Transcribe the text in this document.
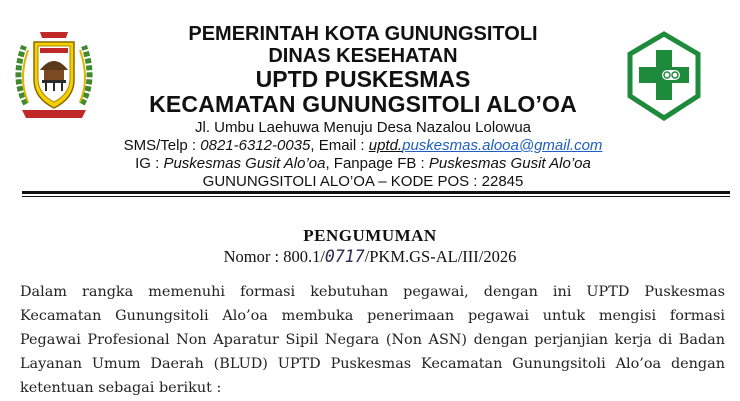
PEMERINTAH KOTA GUNUNGSITOLI
DINAS KESEHATAN
UPTD PUSKESMAS
KECAMATAN GUNUNGSITOLI ALO’OA
Jl. Umbu Laehuwa Menuju Desa Nazalou Lolowua
SMS/Telp : 0821-6312-0035, Email : uptd.puskesmas.alooa@gmail.com
IG : Puskesmas Gusit Alo’oa, Fanpage FB : Puskesmas Gusit Alo’oa
GUNUNGSITOLI ALO’OA – KODE POS : 22845
PENGUMUMAN
Nomor : 800.1/0717/PKM.GS-AL/III/2026
Dalam rangka memenuhi formasi kebutuhan pegawai, dengan ini UPTD Puskesmas
Kecamatan Gunungsitoli Alo’oa membuka penerimaan pegawai untuk mengisi formasi
Pegawai Profesional Non Aparatur Sipil Negara (Non ASN) dengan perjanjian kerja di Badan
Layanan Umum Daerah (BLUD) UPTD Puskesmas Kecamatan Gunungsitoli Alo’oa dengan
ketentuan sebagai berikut :
